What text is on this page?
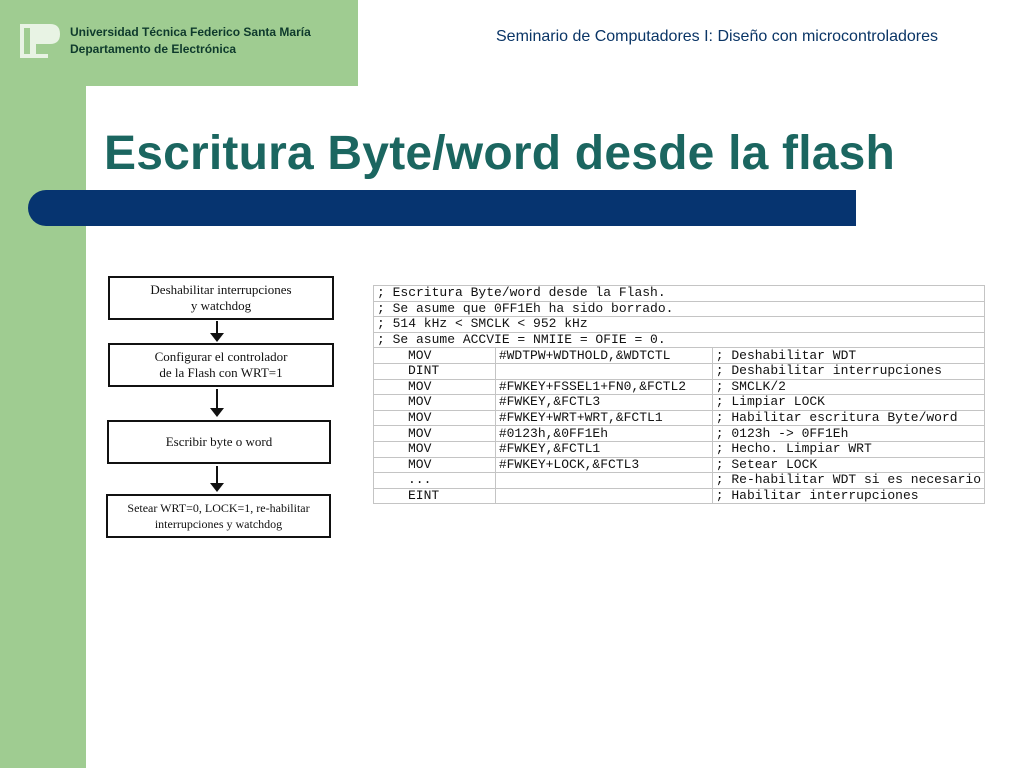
Universidad Técnica Federico Santa María
Departamento de Electrónica
Seminario de Computadores I: Diseño con microcontroladores
Escritura Byte/word desde la flash
Deshabilitar interrupciones
y watchdog
Configurar el controlador
de la Flash con WRT=1
Escribir byte o word
Setear WRT=0, LOCK=1, re-habilitar
interrupciones y watchdog
; Escritura Byte/word desde la Flash.		
; Se asume que 0FF1Eh ha sido borrado.		
; 514 kHz < SMCLK < 952 kHz		
; Se asume ACCVIE = NMIIE = OFIE = 0.		
MOV	#WDTPW+WDTHOLD,&WDTCTL	; Deshabilitar WDT
DINT		; Deshabilitar interrupciones
MOV	#FWKEY+FSSEL1+FN0,&FCTL2	; SMCLK/2
MOV	#FWKEY,&FCTL3	; Limpiar LOCK
MOV	#FWKEY+WRT+WRT,&FCTL1	; Habilitar escritura Byte/word
MOV	#0123h,&0FF1Eh	; 0123h -> 0FF1Eh
MOV	#FWKEY,&FCTL1	; Hecho. Limpiar WRT
MOV	#FWKEY+LOCK,&FCTL3	; Setear LOCK
...		; Re-habilitar WDT si es necesario
EINT		; Habilitar interrupciones
